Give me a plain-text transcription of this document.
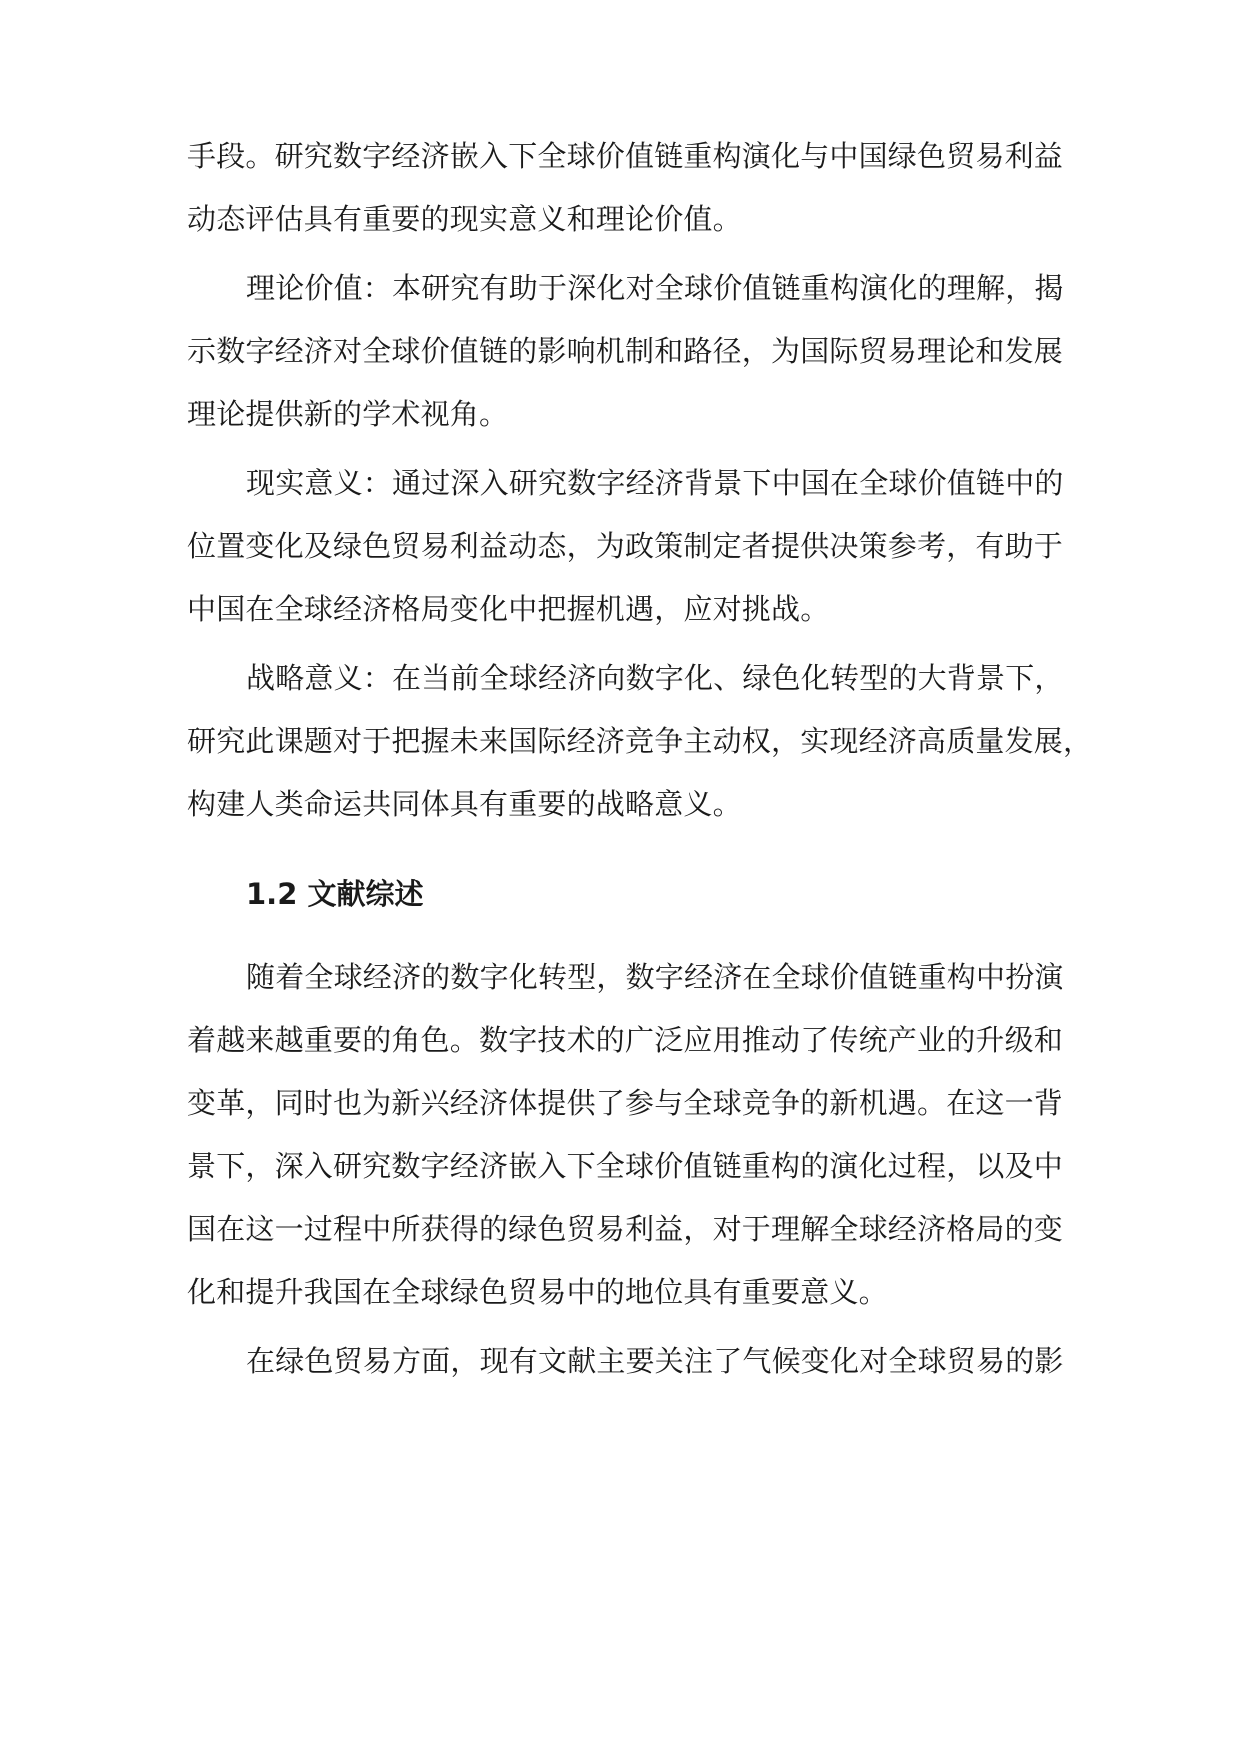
手段。研究数字经济嵌入下全球价值链重构演化与中国绿色贸易利益
动态评估具有重要的现实意义和理论价值。
理论价值：本研究有助于深化对全球价值链重构演化的理解，揭
示数字经济对全球价值链的影响机制和路径，为国际贸易理论和发展
理论提供新的学术视角。
现实意义：通过深入研究数字经济背景下中国在全球价值链中的
位置变化及绿色贸易利益动态，为政策制定者提供决策参考，有助于
中国在全球经济格局变化中把握机遇，应对挑战。
战略意义：在当前全球经济向数字化、绿色化转型的大背景下，
研究此课题对于把握未来国际经济竞争主动权，实现经济高质量发展，
构建人类命运共同体具有重要的战略意义。
1.2 文献综述
随着全球经济的数字化转型，数字经济在全球价值链重构中扮演
着越来越重要的角色。数字技术的广泛应用推动了传统产业的升级和
变革，同时也为新兴经济体提供了参与全球竞争的新机遇。在这一背
景下，深入研究数字经济嵌入下全球价值链重构的演化过程，以及中
国在这一过程中所获得的绿色贸易利益，对于理解全球经济格局的变
化和提升我国在全球绿色贸易中的地位具有重要意义。
在绿色贸易方面，现有文献主要关注了气候变化对全球贸易的影
